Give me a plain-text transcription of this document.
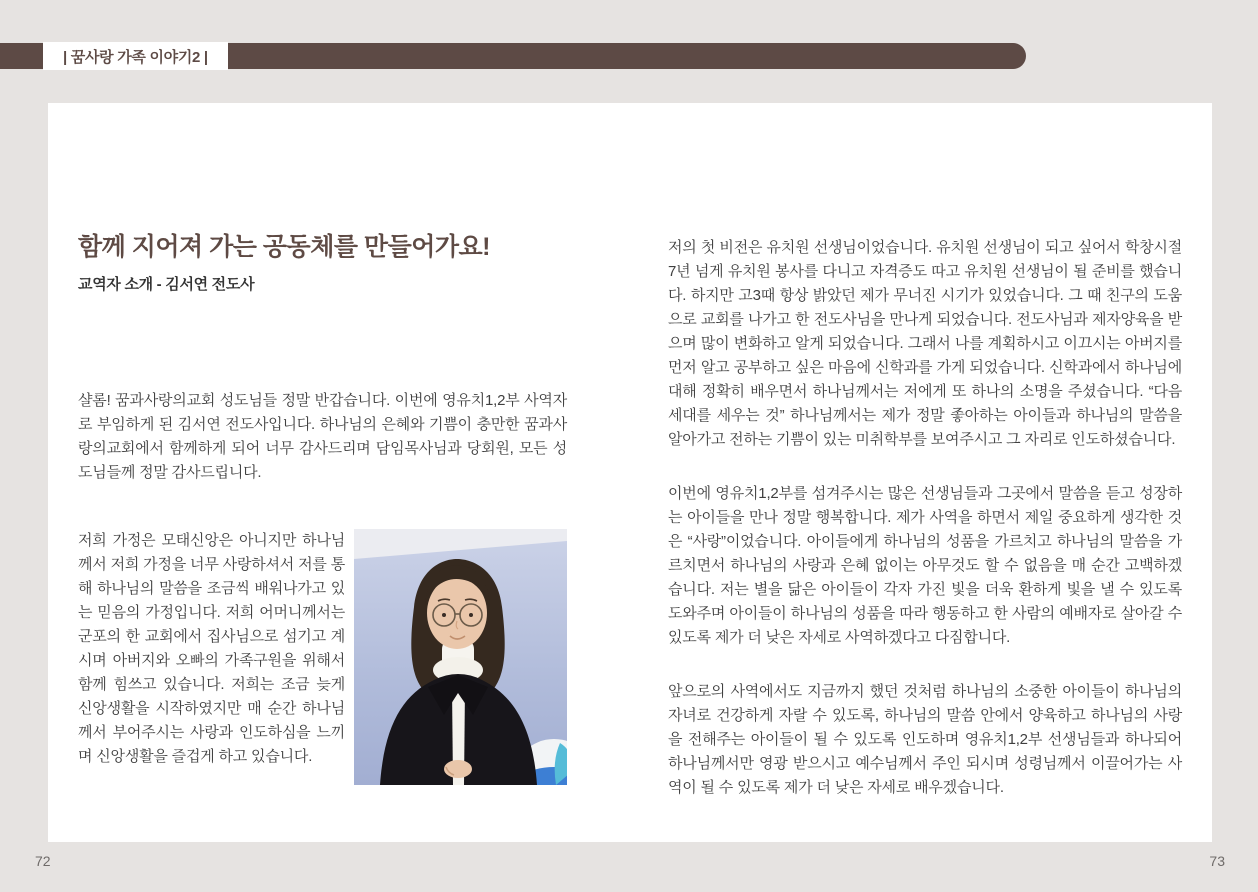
| 꿈사랑 가족 이야기2 |
함께 지어져 가는 공동체를 만들어가요!
교역자 소개 - 김서연 전도사

샬롬! 꿈과사랑의교회 성도님들 정말 반갑습니다. 이번에 영유치1,2부 사역자로 부임하게 된 김서연 전도사입니다. 하나님의 은혜와 기쁨이 충만한 꿈과사랑의교회에서 함께하게 되어 너무 감사드리며 담임목사님과 당회원, 모든 성도님들께 정말 감사드립니다.

저희 가정은 모태신앙은 아니지만 하나님께서 저희 가정을 너무 사랑하셔서 저를 통해 하나님의 말씀을 조금씩 배워나가고 있는 믿음의 가정입니다. 저희 어머니께서는 군포의 한 교회에서 집사님으로 섬기고 계시며 아버지와 오빠의 가족구원을 위해서 함께 힘쓰고 있습니다. 저희는 조금 늦게 신앙생활을 시작하였지만 매 순간 하나님께서 부어주시는 사랑과 인도하심을 느끼며 신앙생활을 즐겁게 하고 있습니다.

저의 첫 비전은 유치원 선생님이었습니다. 유치원 선생님이 되고 싶어서 학창시절 7년 넘게 유치원 봉사를 다니고 자격증도 따고 유치원 선생님이 될 준비를 했습니다. 하지만 고3때 항상 밝았던 제가 무너진 시기가 있었습니다. 그 때 친구의 도움으로 교회를 나가고 한 전도사님을 만나게 되었습니다. 전도사님과 제자양육을 받으며 많이 변화하고 알게 되었습니다. 그래서 나를 계획하시고 이끄시는 아버지를 먼저 알고 공부하고 싶은 마음에 신학과를 가게 되었습니다. 신학과에서 하나님에 대해 정확히 배우면서 하나님께서는 저에게 또 하나의 소명을 주셨습니다. “다음세대를 세우는 것” 하나님께서는 제가 정말 좋아하는 아이들과 하나님의 말씀을 알아가고 전하는 기쁨이 있는 미취학부를 보여주시고 그 자리로 인도하셨습니다.

이번에 영유치1,2부를 섬겨주시는 많은 선생님들과 그곳에서 말씀을 듣고 성장하는 아이들을 만나 정말 행복합니다. 제가 사역을 하면서 제일 중요하게 생각한 것은 “사랑”이었습니다. 아이들에게 하나님의 성품을 가르치고 하나님의 말씀을 가르치면서 하나님의 사랑과 은혜 없이는 아무것도 할 수 없음을 매 순간 고백하겠습니다. 저는 별을 닮은 아이들이 각자 가진 빛을 더욱 환하게 빛을 낼 수 있도록 도와주며 아이들이 하나님의 성품을 따라 행동하고 한 사람의 예배자로 살아갈 수 있도록 제가 더 낮은 자세로 사역하겠다고 다짐합니다.

앞으로의 사역에서도 지금까지 했던 것처럼 하나님의 소중한 아이들이 하나님의 자녀로 건강하게 자랄 수 있도록, 하나님의 말씀 안에서 양육하고 하나님의 사랑을 전해주는 아이들이 될 수 있도록 인도하며 영유치1,2부 선생님들과 하나되어 하나님께서만 영광 받으시고 예수님께서 주인 되시며 성령님께서 이끌어가는 사역이 될 수 있도록 제가 더 낮은 자세로 배우겠습니다.

72	73
